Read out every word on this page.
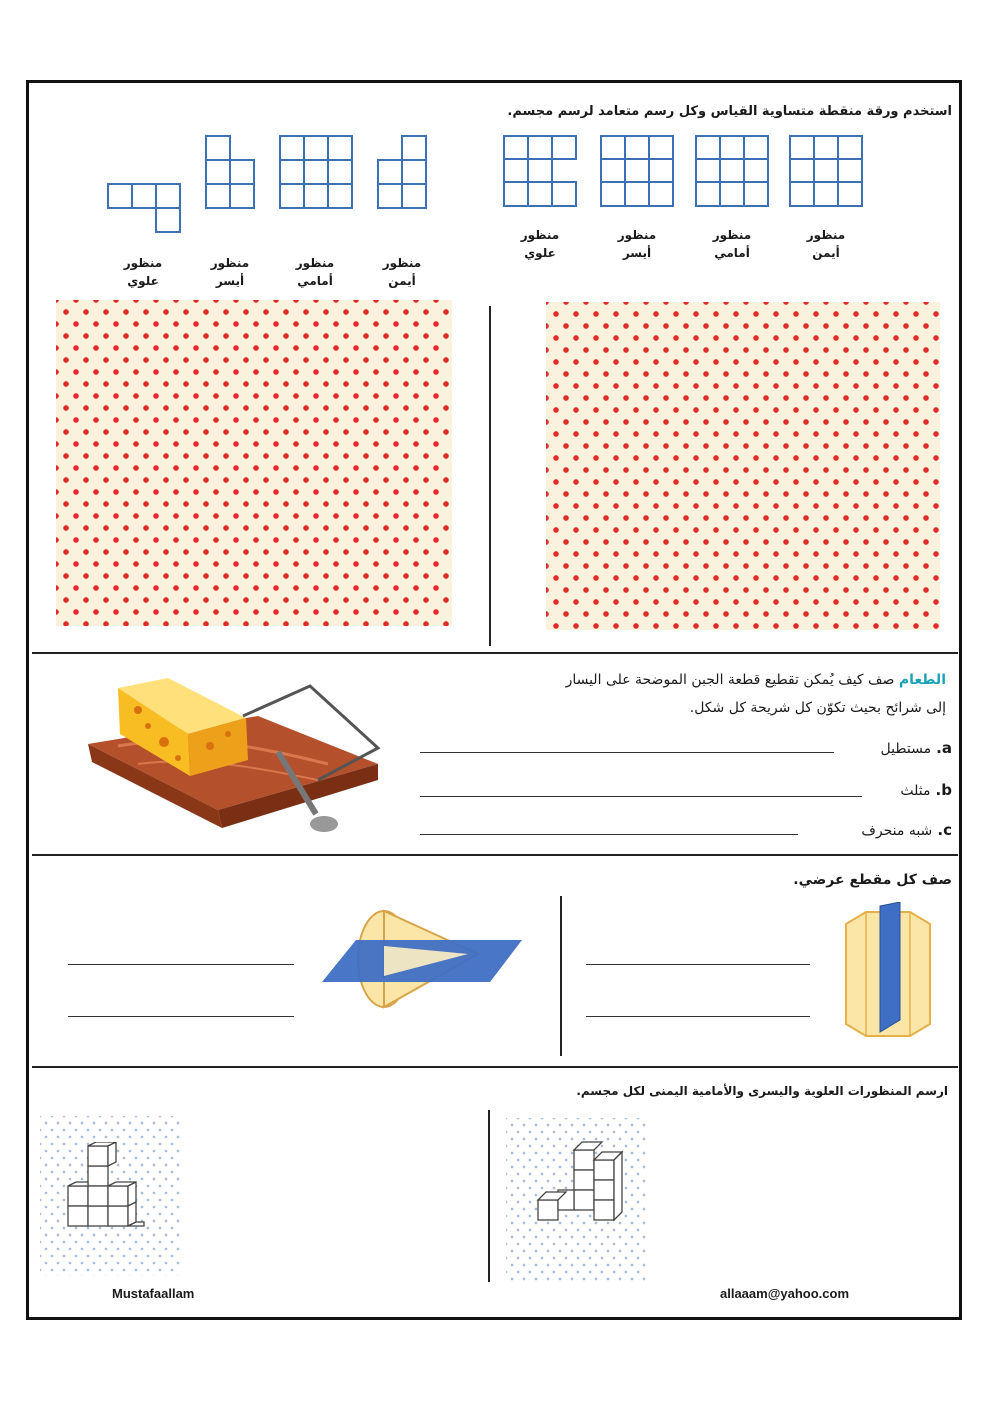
استخدم ورقة منقطة متساوية القياس وكل رسم متعامد لرسم مجسم.
منظور
أيمن
منظور
أمامي
منظور
أيسر
منظور
علوي
منظور
أيمن
منظور
أمامي
منظور
أيسر
منظور
علوي
الطعام صف كيف يُمكن تقطيع قطعة الجبن الموضحة على اليسار
إلى شرائح بحيث تكوّن كل شريحة كل شكل.
a. مستطيل
b. مثلث
c. شبه منحرف
صف كل مقطع عرضي.
ارسم المنظورات العلوية واليسرى والأمامية اليمنى لكل مجسم.
Mustafaallam	allaaam@yahoo.com
